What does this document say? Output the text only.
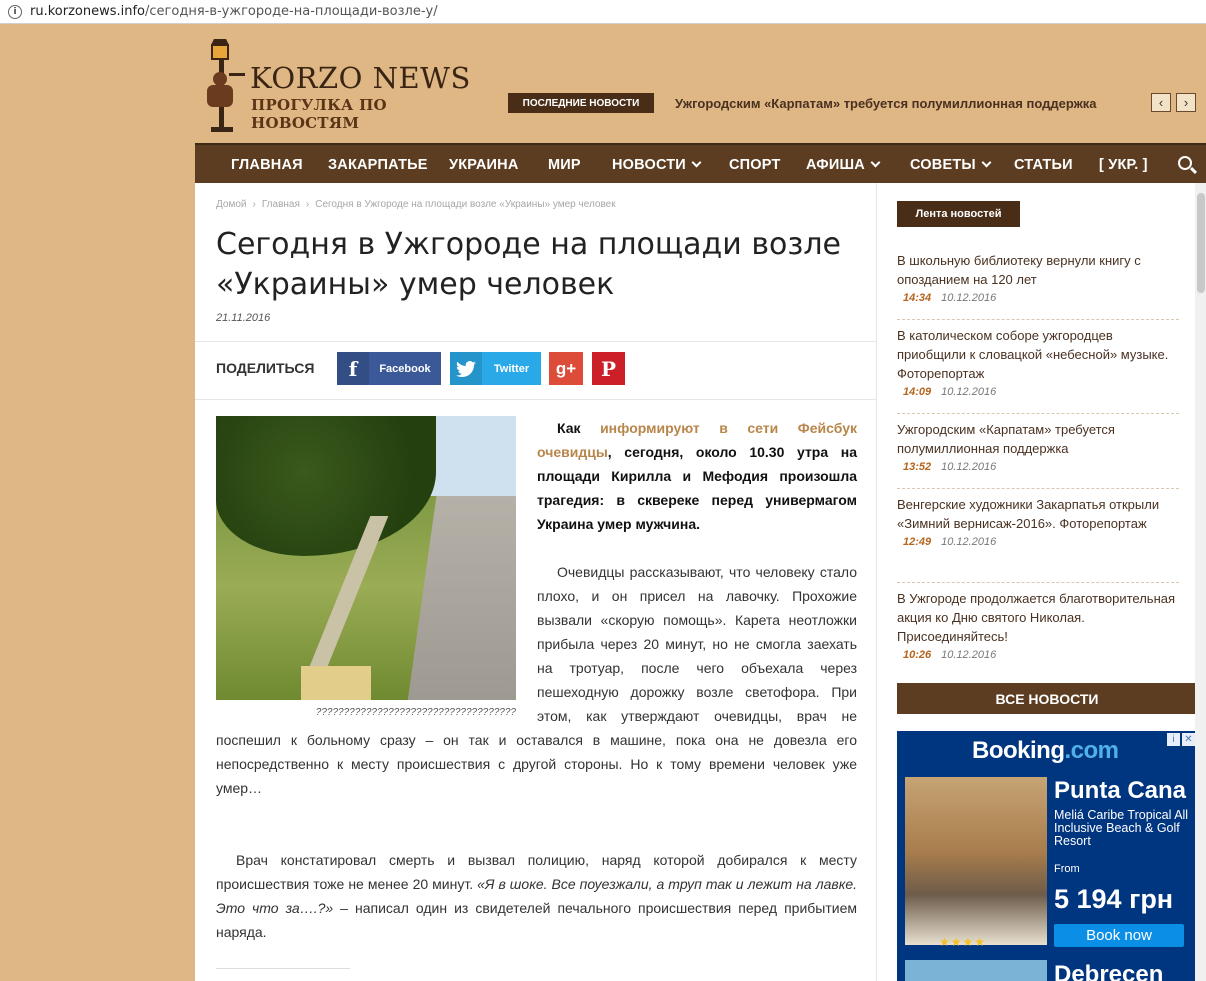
i	ru.korzonews.info /сегодня-в-ужгороде-на-площади-возле-у/
KORZO NEWS
ПРОГУЛКА ПО НОВОСТЯМ
ПОСЛЕДНИЕ НОВОСТИ	Ужгородским «Карпатам» требуется полумиллионная поддержка	‹	›
ГЛАВНАЯ ЗАКАРПАТЬЕ УКРАИНА МИР НОВОСТИ	СПОРТ АФИША	СОВЕТЫ	СТАТЬИ [ УКР. ]
Домой › Главная › Сегодня в Ужгороде на площади возле «Украины» умер человек
Сегодня в Ужгороде на площади возле «Украины» умер человек
21.11.2016
ПОДЕЛИТЬСЯ	f	Facebook	Twitter	g+ P
????????????????????????????????????

Как информируют в сети Фейсбук очевидцы, сегодня, около 10.30 утра на площади Кирилла и Мефодия произошла трагедия: в сквереке перед универмагом Украина умер мужчина.

Очевидцы рассказывают, что человеку стало плохо, и он присел на лавочку. Прохожие вызвали «скорую помощь». Карета неотложки прибыла через 20 минут, но не смогла заехать на тротуар, после чего объехала через пешеходную дорожку возле светофора. При этом, как утверждают очевидцы, врач не поспешил к больному сразу – он так и оставался в машине, пока она не довезла его непосредственно к месту происшествия с другой стороны. Но к тому времени человек уже умер…

Врач констатировал смерть и вызвал полицию, наряд которой добирался к месту происшествия тоже не менее 20 минут. «Я в шоке. Все поуезжали, а труп так и лежит на лавке. Это что за….?» – написал один из свидетелей печального происшествия перед прибытием наряда.

Лента новостей
В школьную библиотеку вернули книгу с опозданием на 120 лет
14:34 10.12.2016
В католическом соборе ужгородцев приобщили к словацкой «небесной» музыке. Фоторепортаж
14:09 10.12.2016
Ужгородским «Карпатам» требуется полумиллионная поддержка
13:52 10.12.2016
Венгерские художники Закарпатья открыли «Зимний вернисаж-2016». Фоторепортаж
12:49 10.12.2016
В Ужгороде продолжается благотворительная акция ко Дню святого Николая. Присоединяйтесь!
10:26 10.12.2016
ВСЕ НОВОСТИ
Booking.com	i ✕
★★★★
Punta Cana
Meliá Caribe Tropical All Inclusive Beach & Golf Resort
From
5 194 грн
Book now
Debrecen
